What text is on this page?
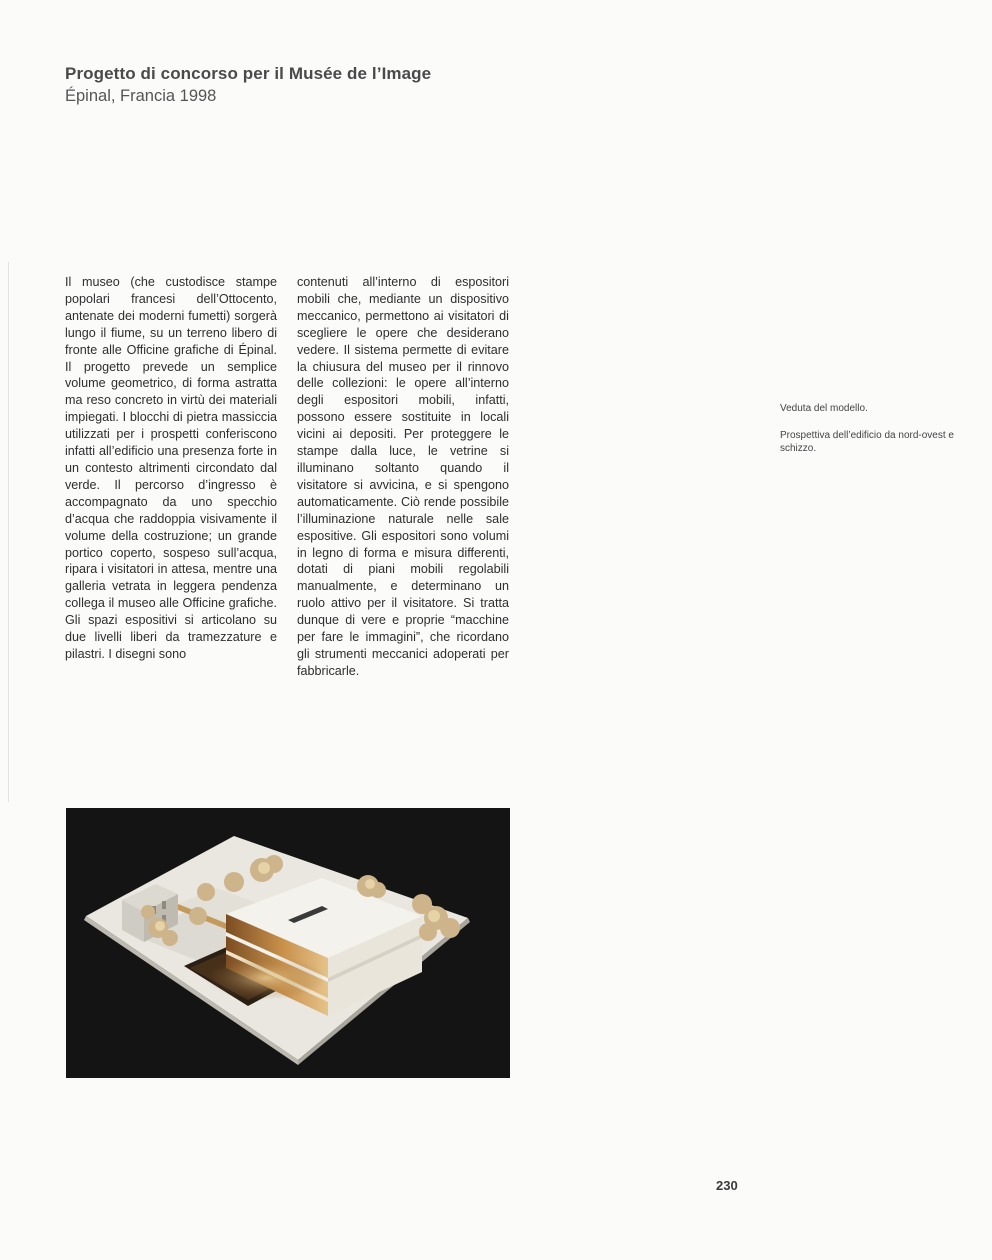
Progetto di concorso per il Musée de l’Image
Épinal, Francia 1998

Il museo (che custodisce stampe popolari francesi dell’Ottocento, antenate dei moderni fumetti) sorgerà lungo il fiume, su un terreno libero di fronte alle Officine grafiche di Épinal. Il progetto prevede un semplice volume geometrico, di forma astratta ma reso concreto in virtù dei materiali impiegati. I blocchi di pietra massiccia utilizzati per i prospetti conferiscono infatti all’edificio una presenza forte in un contesto altrimenti circondato dal verde. Il percorso d’ingresso è accompagnato da uno specchio d’acqua che raddoppia visivamente il volume della costruzione; un grande portico coperto, sospeso sull’acqua, ripara i visitatori in attesa, mentre una galleria vetrata in leggera pendenza collega il museo alle Officine grafiche. Gli spazi espositivi si articolano su due livelli liberi da tramezzature e pilastri. I disegni sono

contenuti all’interno di espositori mobili che, mediante un dispositivo meccanico, permettono ai visitatori di scegliere le opere che desiderano vedere. Il sistema permette di evitare la chiusura del museo per il rinnovo delle collezioni: le opere all’interno degli espositori mobili, infatti, possono essere sostituite in locali vicini ai depositi. Per proteggere le stampe dalla luce, le vetrine si illuminano soltanto quando il visitatore si avvicina, e si spengono automaticamente. Ciò rende possibile l’illuminazione naturale nelle sale espositive. Gli espositori sono volumi in legno di forma e misura differenti, dotati di piani mobili regolabili manualmente, e determinano un ruolo attivo per il visitatore. Si tratta dunque di vere e proprie “macchine per fare le immagini”, che ricordano gli strumenti meccanici adoperati per fabbricarle.

Veduta del modello.

Prospettiva dell’edificio da nord-ovest e schizzo.

230
